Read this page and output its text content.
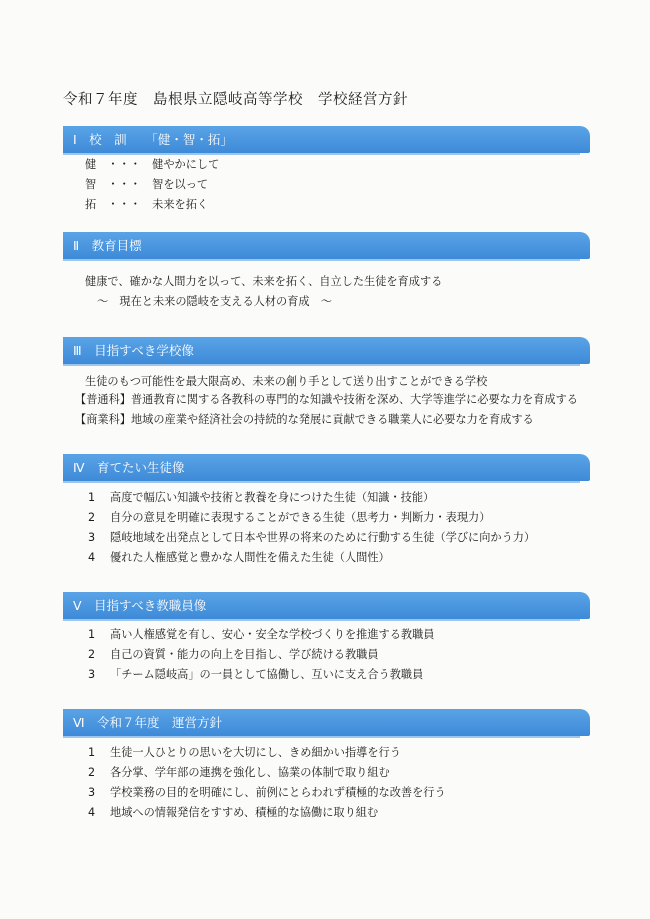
令和７年度　島根県立隠岐高等学校　学校経営方針
Ⅰ　校　訓　　「健・智・拓」
健　・・・　健やかにして
智　・・・　智を以って
拓　・・・　未来を拓く
Ⅱ　教育目標
健康で、確かな人間力を以って、未来を拓く、自立した生徒を育成する
～　現在と未来の隠岐を支える人材の育成　～
Ⅲ　目指すべき学校像
生徒のもつ可能性を最大限高め、未来の創り手として送り出すことができる学校
【普通科】普通教育に関する各教科の専門的な知識や技術を深め、大学等進学に必要な力を育成する
【商業科】地域の産業や経済社会の持続的な発展に貢献できる職業人に必要な力を育成する
Ⅳ　育てたい生徒像
1 高度で幅広い知識や技術と教養を身につけた生徒（知識・技能）
2 自分の意見を明確に表現することができる生徒（思考力・判断力・表現力）
3 隠岐地域を出発点として日本や世界の将来のために行動する生徒（学びに向かう力）
4 優れた人権感覚と豊かな人間性を備えた生徒（人間性）
Ⅴ　目指すべき教職員像
1 高い人権感覚を有し、安心・安全な学校づくりを推進する教職員
2 自己の資質・能力の向上を目指し、学び続ける教職員
3 「チーム隠岐高」の一員として協働し、互いに支え合う教職員
Ⅵ　令和７年度　運営方針
1 生徒一人ひとりの思いを大切にし、きめ細かい指導を行う
2 各分掌、学年部の連携を強化し、協業の体制で取り組む
3 学校業務の目的を明確にし、前例にとらわれず積極的な改善を行う
4 地域への情報発信をすすめ、積極的な協働に取り組む
